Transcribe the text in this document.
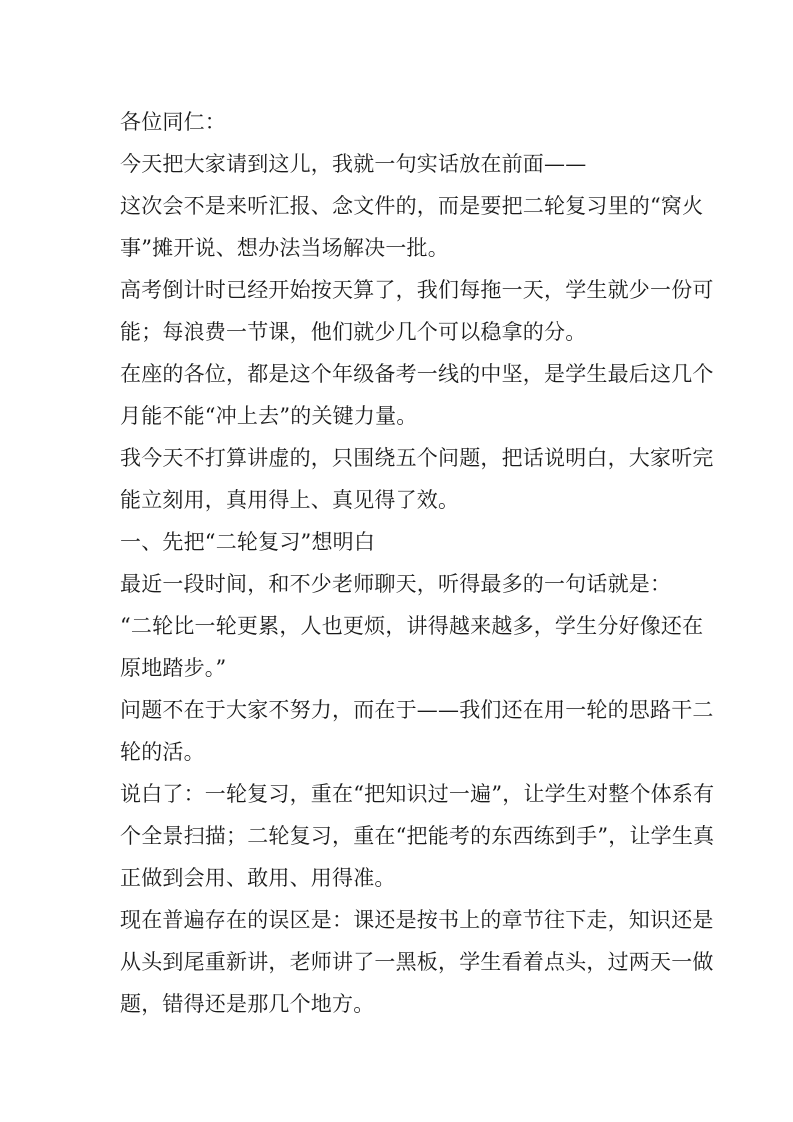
各位同仁：
今天把大家请到这儿，我就一句实话放在前面——
这次会不是来听汇报、念文件的，而是要把二轮复习里的“窝火
事”摊开说、想办法当场解决一批。
高考倒计时已经开始按天算了，我们每拖一天，学生就少一份可
能；每浪费一节课，他们就少几个可以稳拿的分。
在座的各位，都是这个年级备考一线的中坚，是学生最后这几个
月能不能“冲上去”的关键力量。
我今天不打算讲虚的，只围绕五个问题，把话说明白，大家听完
能立刻用，真用得上、真见得了效。
一、先把“二轮复习”想明白
最近一段时间，和不少老师聊天，听得最多的一句话就是：
“二轮比一轮更累，人也更烦，讲得越来越多，学生分好像还在
原地踏步。”
问题不在于大家不努力，而在于——我们还在用一轮的思路干二
轮的活。
说白了：一轮复习，重在“把知识过一遍”，让学生对整个体系有
个全景扫描；二轮复习，重在“把能考的东西练到手”，让学生真
正做到会用、敢用、用得准。
现在普遍存在的误区是：课还是按书上的章节往下走，知识还是
从头到尾重新讲，老师讲了一黑板，学生看着点头，过两天一做
题，错得还是那几个地方。
